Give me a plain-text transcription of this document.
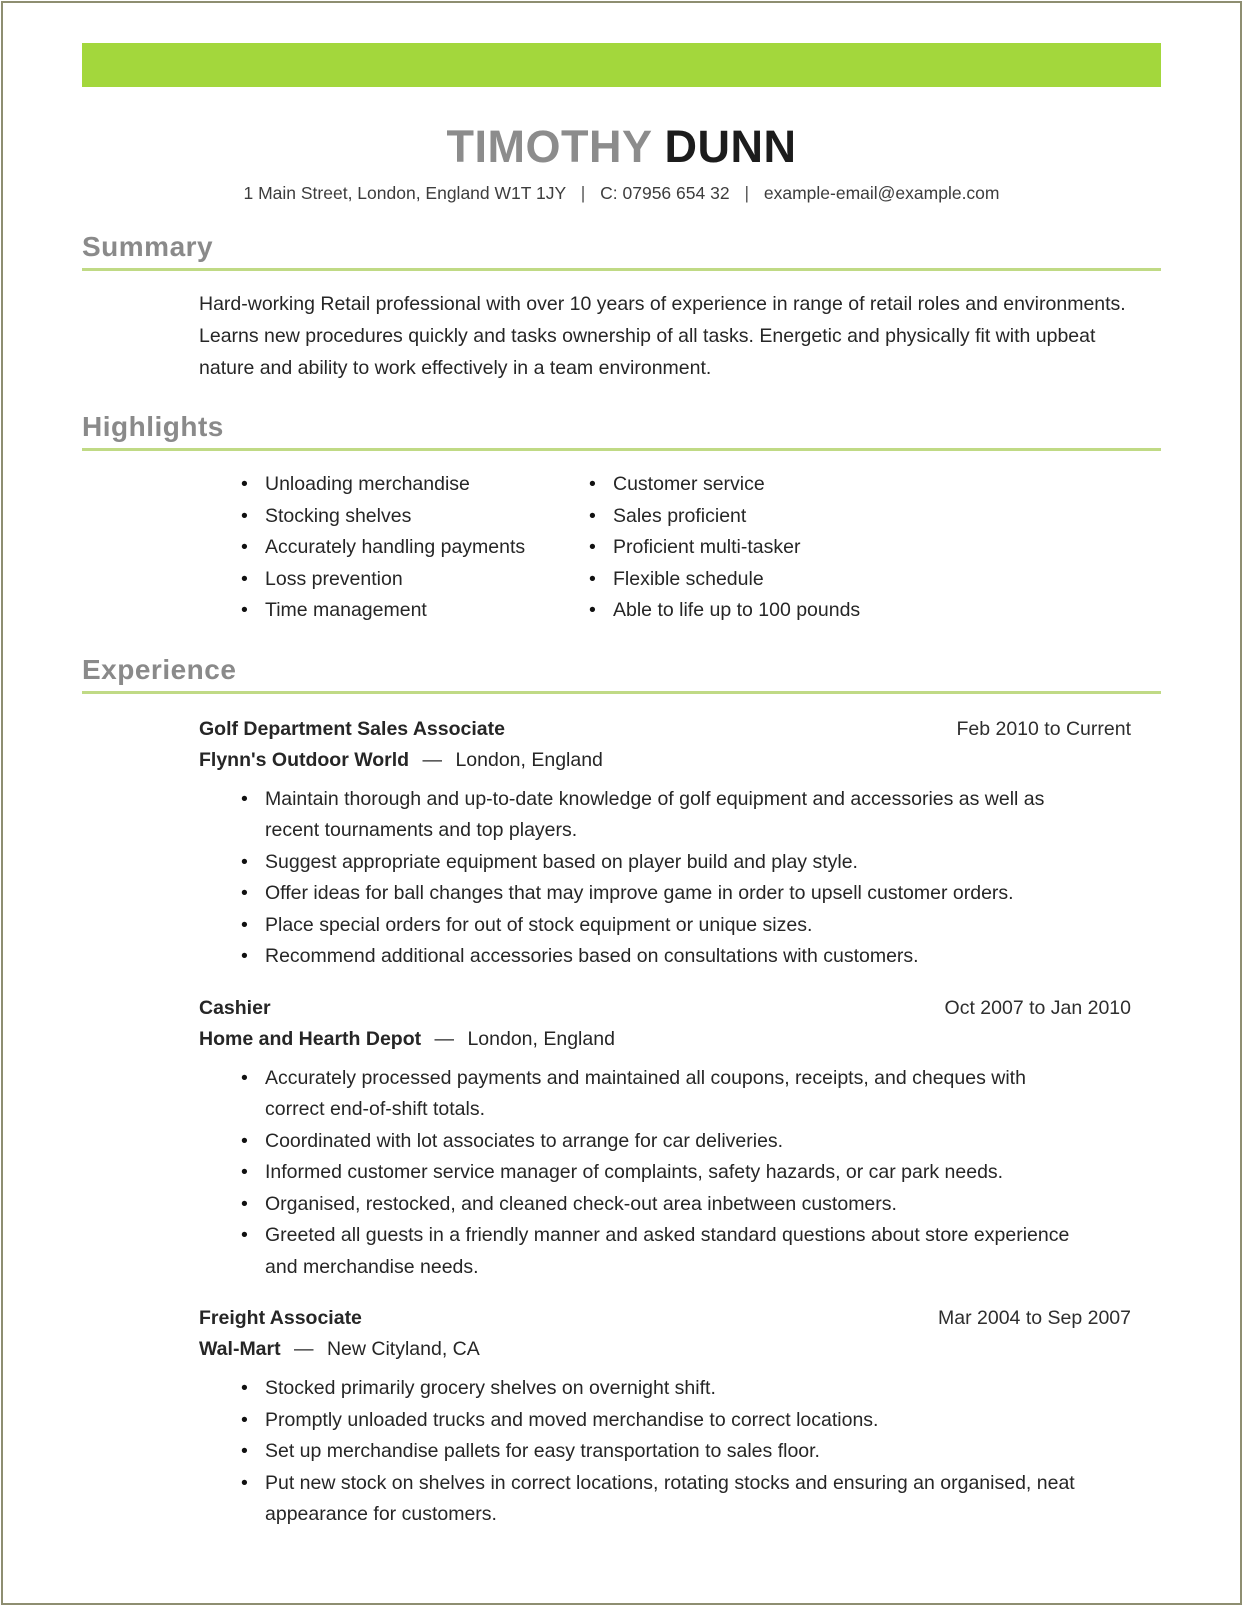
TIMOTHY DUNN
1 Main Street, London, England W1T 1JY | C: 07956 654 32 | example-email@example.com
Summary

Hard-working Retail professional with over 10 years of experience in range of retail roles and environments. Learns new procedures quickly and tasks ownership of all tasks. Energetic and physically fit with upbeat nature and ability to work effectively in a team environment.

Highlights
• Unloading merchandise
• Stocking shelves
• Accurately handling payments
• Loss prevention
• Time management
• Customer service
• Sales proficient
• Proficient multi-tasker
• Flexible schedule
• Able to life up to 100 pounds
Experience
Golf Department Sales Associate	Feb 2010 to Current
Flynn's Outdoor World — London, England
• Maintain thorough and up-to-date knowledge of golf equipment and accessories as well as recent tournaments and top players.
• Suggest appropriate equipment based on player build and play style.
• Offer ideas for ball changes that may improve game in order to upsell customer orders.
• Place special orders for out of stock equipment or unique sizes.
• Recommend additional accessories based on consultations with customers.
Cashier	Oct 2007 to Jan 2010
Home and Hearth Depot — London, England
• Accurately processed payments and maintained all coupons, receipts, and cheques with correct end-of-shift totals.
• Coordinated with lot associates to arrange for car deliveries.
• Informed customer service manager of complaints, safety hazards, or car park needs.
• Organised, restocked, and cleaned check-out area inbetween customers.
• Greeted all guests in a friendly manner and asked standard questions about store experience and merchandise needs.
Freight Associate	Mar 2004 to Sep 2007
Wal-Mart — New Cityland, CA
• Stocked primarily grocery shelves on overnight shift.
• Promptly unloaded trucks and moved merchandise to correct locations.
• Set up merchandise pallets for easy transportation to sales floor.
• Put new stock on shelves in correct locations, rotating stocks and ensuring an organised, neat appearance for customers.
